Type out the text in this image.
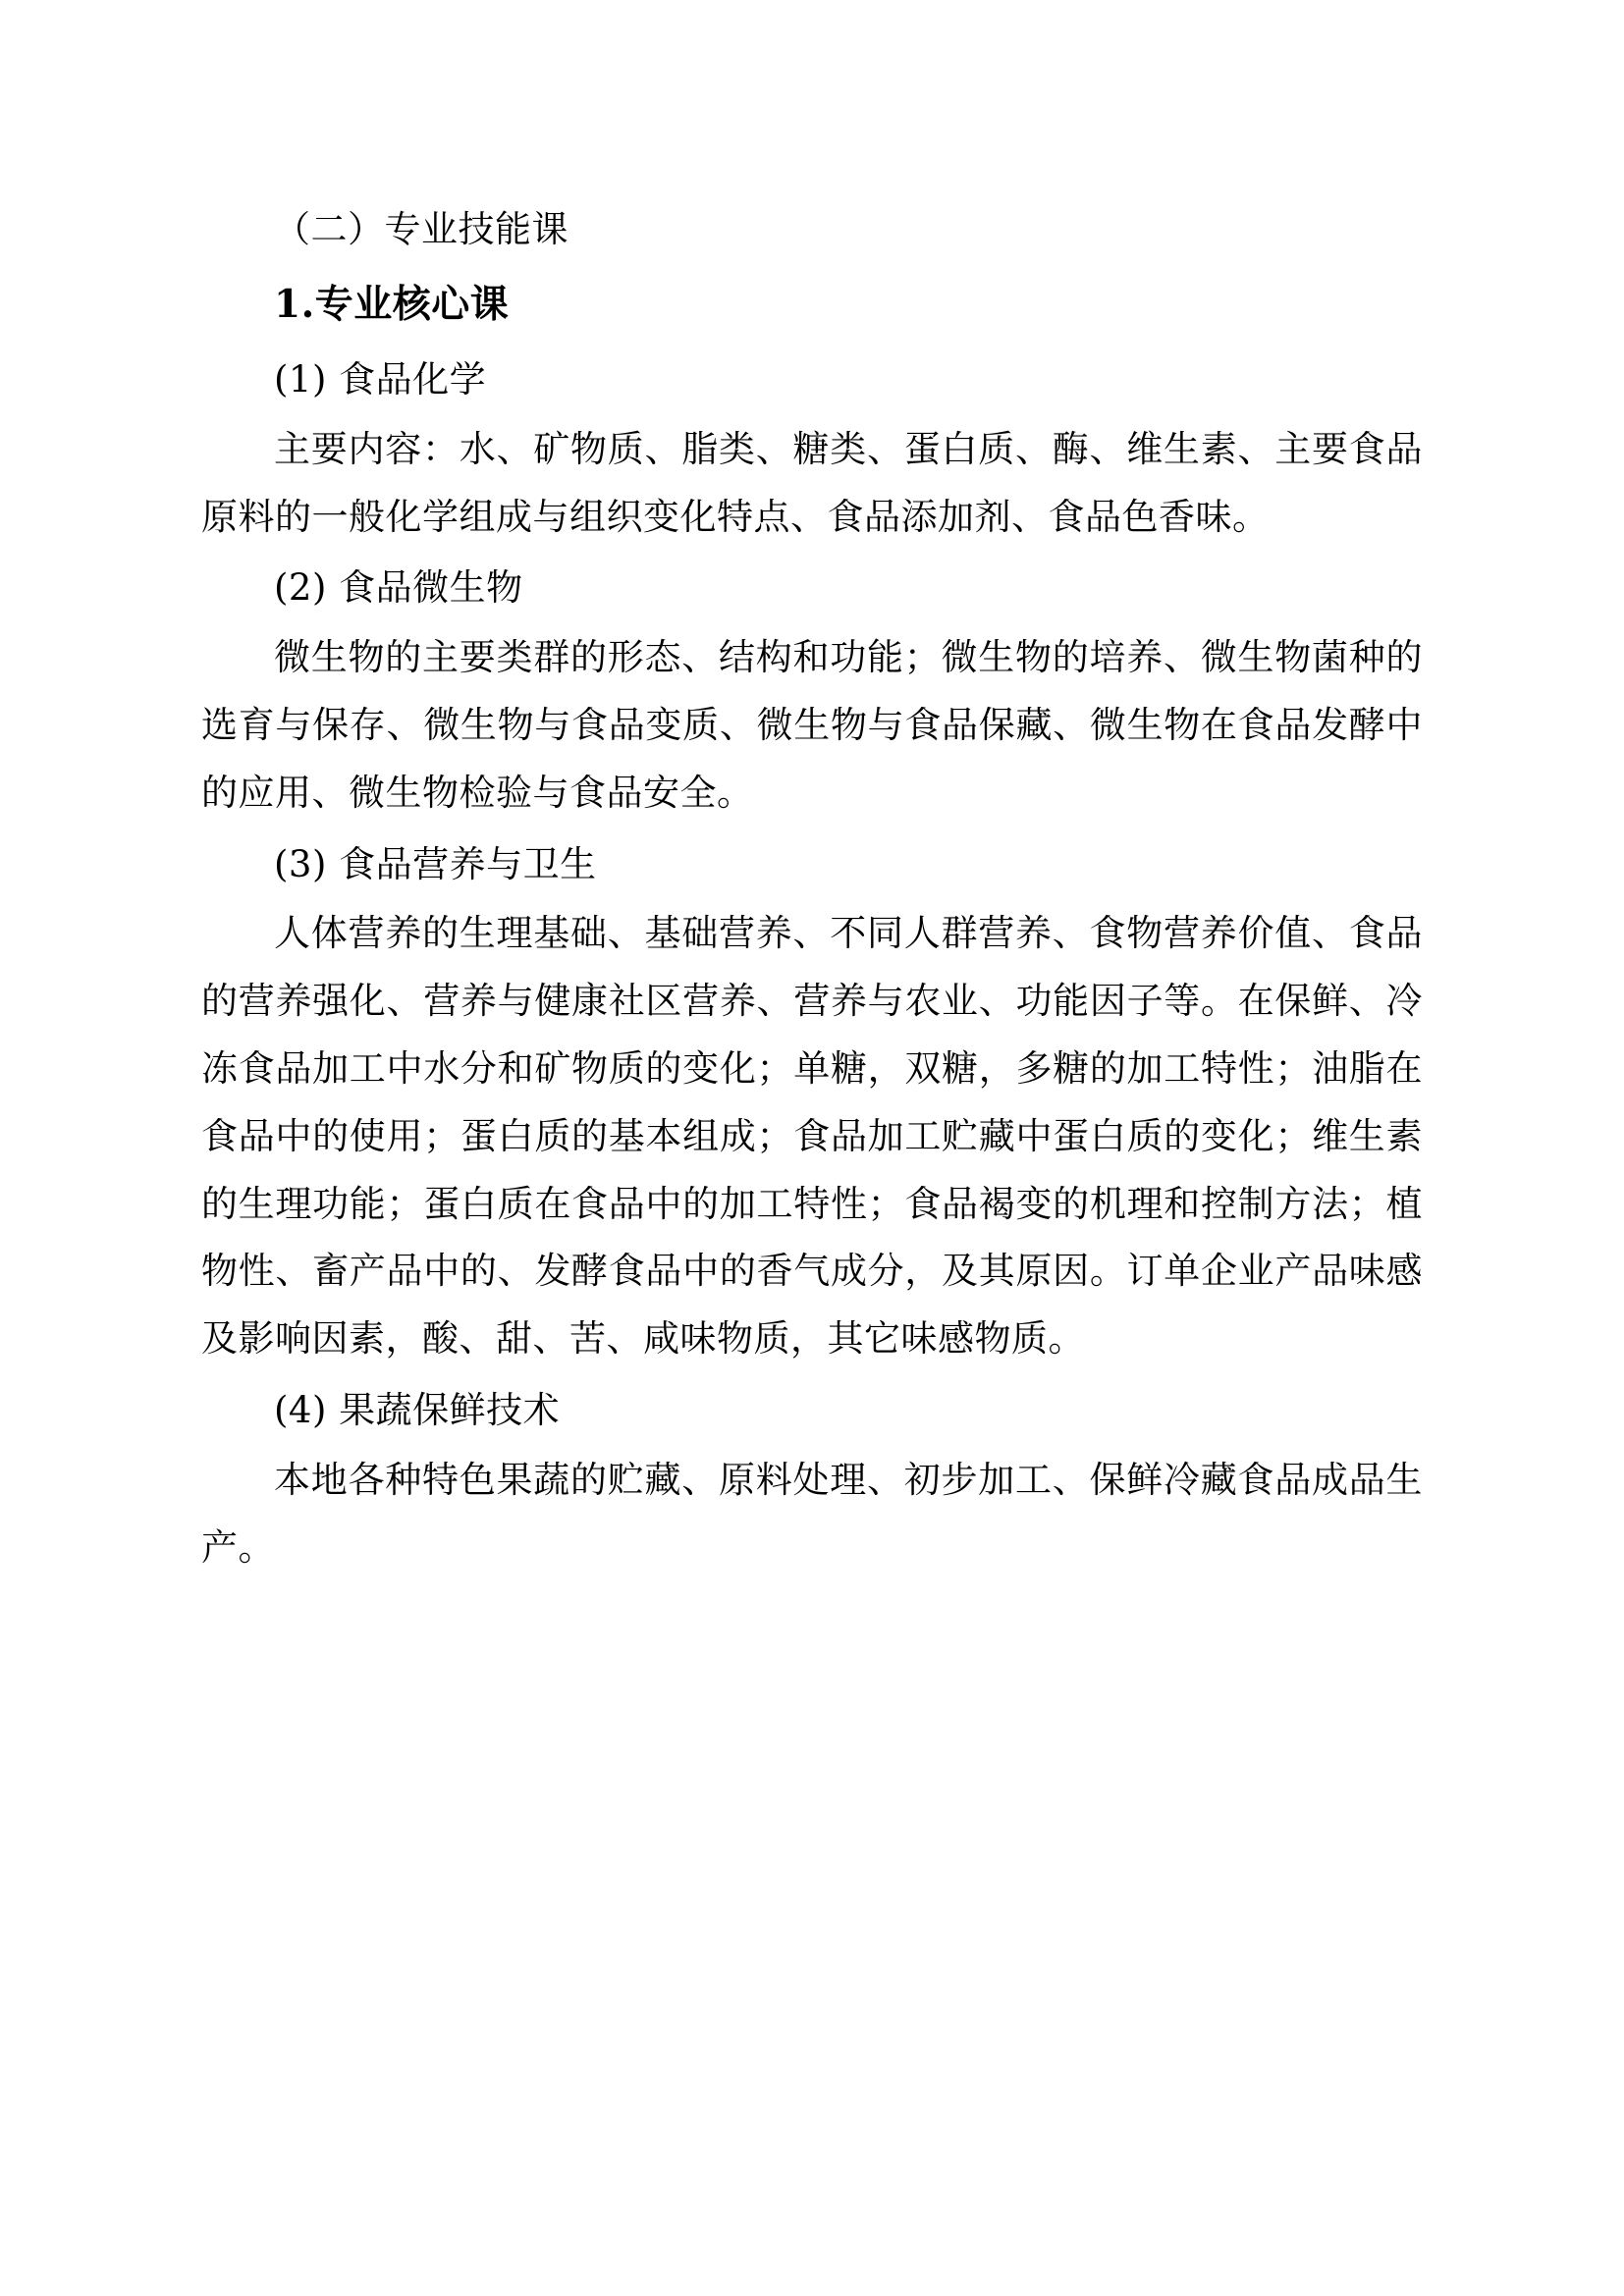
（二）专业技能课

1.专业核心课

(1) 食品化学

主要内容：水、矿物质、脂类、糖类、蛋白质、酶、维生素、主要食品原料的一般化学组成与组织变化特点、食品添加剂、食品色香味。

(2) 食品微生物

微生物的主要类群的形态、结构和功能；微生物的培养、微生物菌种的选育与保存、微生物与食品变质、微生物与食品保藏、微生物在食品发酵中的应用、微生物检验与食品安全。

(3) 食品营养与卫生

人体营养的生理基础、基础营养、不同人群营养、食物营养价值、食品的营养强化、营养与健康社区营养、营养与农业、功能因子等。在保鲜、冷冻食品加工中水分和矿物质的变化；单糖，双糖，多糖的加工特性；油脂在食品中的使用；蛋白质的基本组成；食品加工贮藏中蛋白质的变化；维生素的生理功能；蛋白质在食品中的加工特性；食品褐变的机理和控制方法；植物性、畜产品中的、发酵食品中的香气成分，及其原因。订单企业产品味感及影响因素，酸、甜、苦、咸味物质，其它味感物质。

(4) 果蔬保鲜技术

本地各种特色果蔬的贮藏、原料处理、初步加工、保鲜冷藏食品成品生产。
